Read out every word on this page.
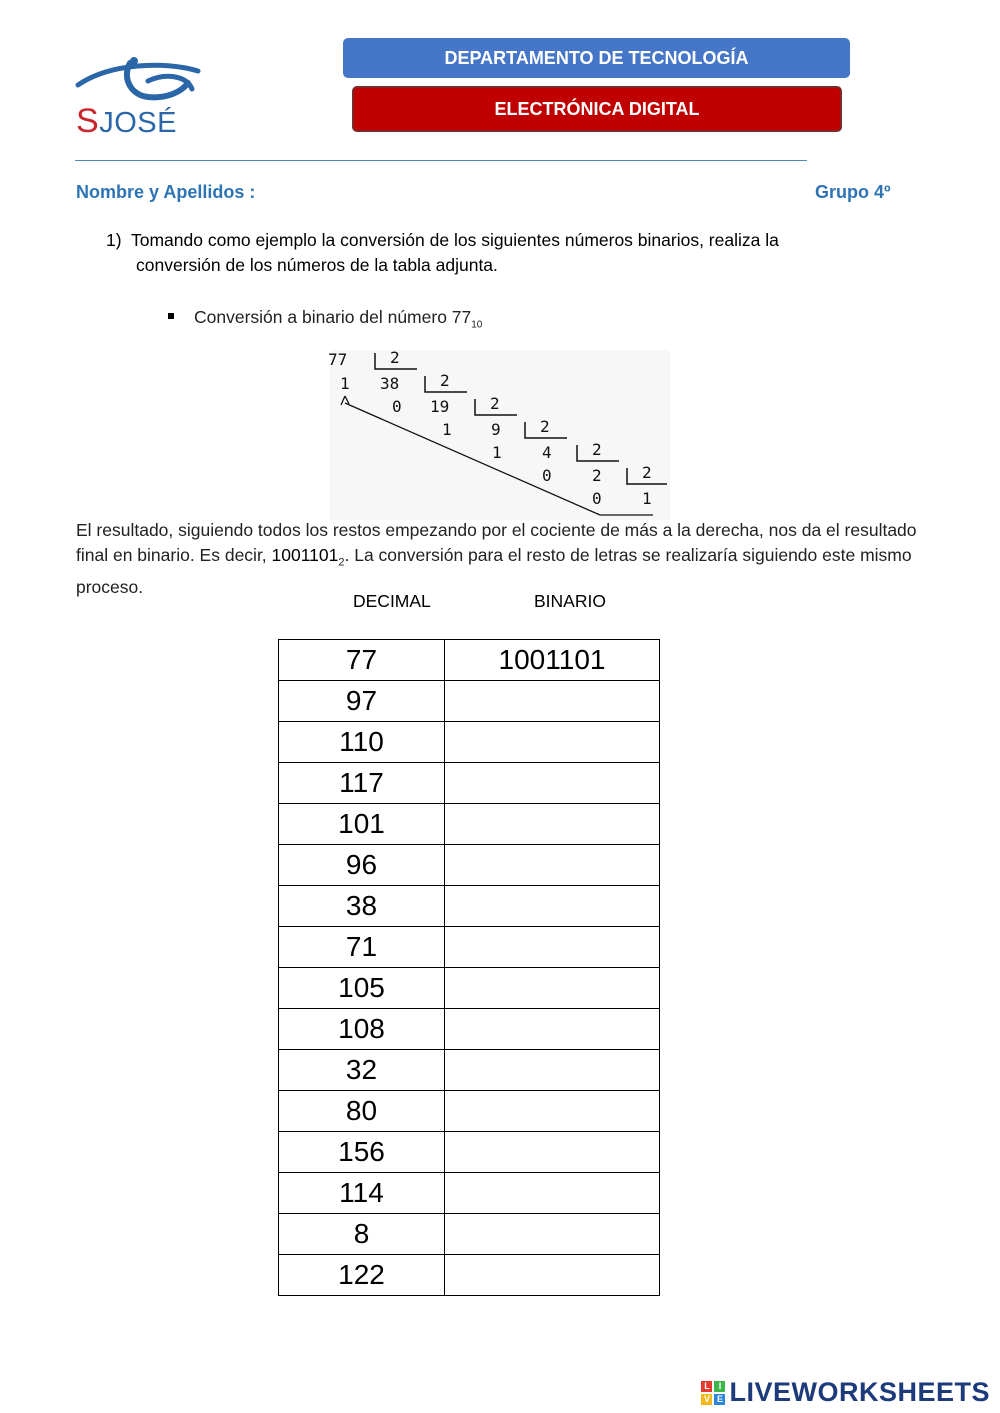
SJOSÉ
DEPARTAMENTO DE TECNOLOGÍA
ELECTRÓNICA DIGITAL
Nombre y Apellidos :	Grupo 4º
1) Tomando como ejemplo la conversión de los siguientes números binarios, realiza la
conversión de los números de la tabla adjunta.
Conversión a binario del número $77_{10}$
77	2
1 38	2
0 19	2
1 9 2
1	4	2
0	2	2
0	1
El resultado, siguiendo todos los restos empezando por el cociente de más a la derecha, nos da el resultado final en binario. Es decir, $1001101_2$. La conversión para el resto de letras se realizaría siguiendo este mismo proceso.
DECIMAL	BINARIO
77	1001101
97	
110	
117	
101	
96	
38	
71	
105	
108	
32	
80	
156	
114	
8	
122	
L I
V E LIVEWORKSHEETS
